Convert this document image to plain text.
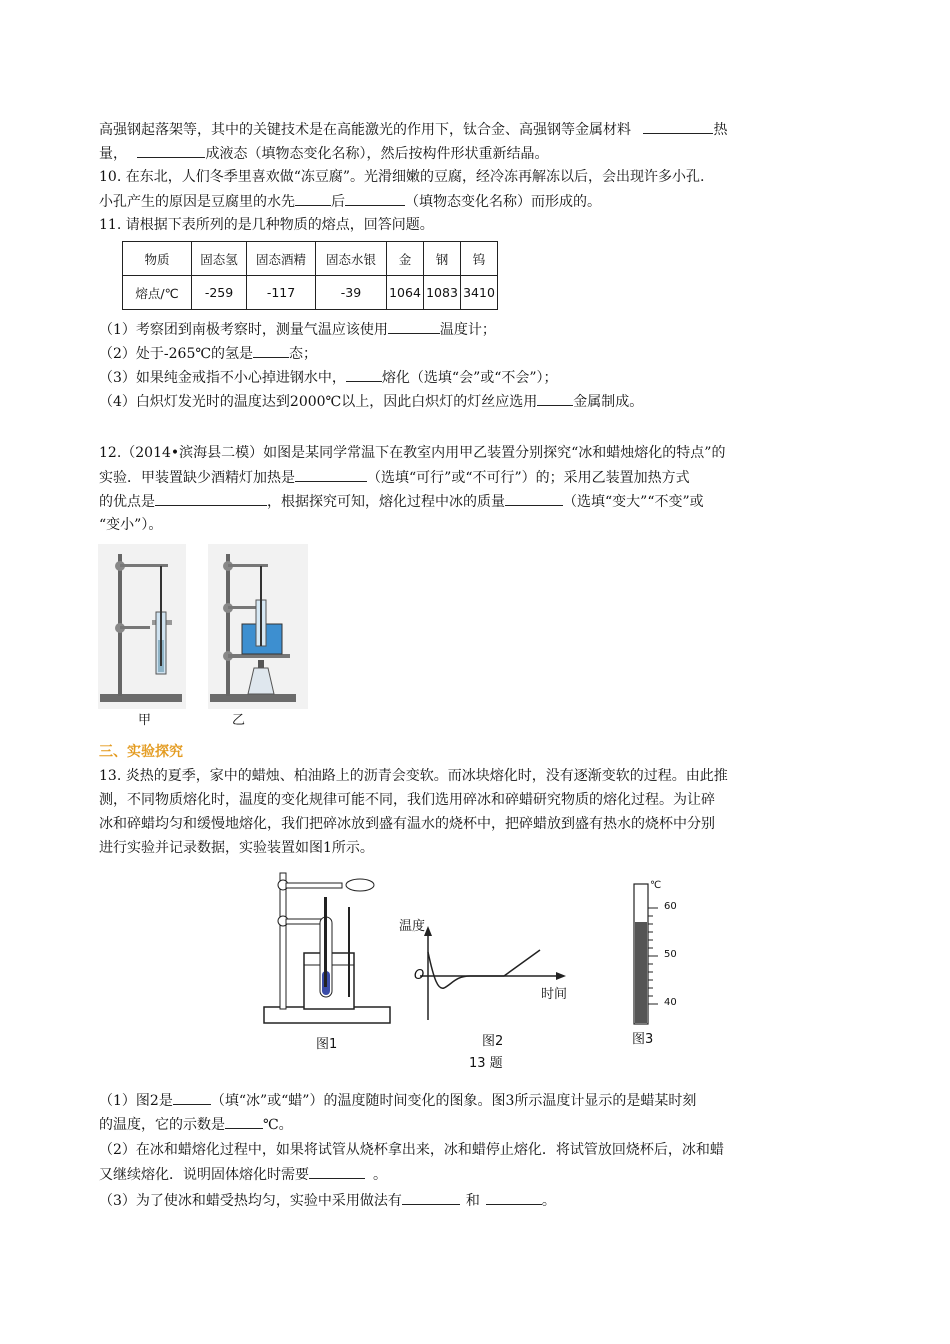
高强钢起落架等，其中的关键技术是在高能激光的作用下，钛合金、高强钢等金属材料	热
量，	成液态（填物态变化名称），然后按构件形状重新结晶。
10. 在东北，人们冬季里喜欢做“冻豆腐”。光滑细嫩的豆腐，经冷冻再解冻以后，会出现许多小孔.
小孔产生的原因是豆腐里的水先	后	（填物态变化名称）而形成的。
11. 请根据下表所列的是几种物质的熔点，回答问题。
物质	固态氢	固态酒精	固态水银	金	钢	钨
熔点/℃	-259	-117	-39	1064	1083	3410
（1）考察团到南极考察时，测量气温应该使用	温度计；
（2）处于-265℃的氢是	态；
（3）如果纯金戒指不小心掉进钢水中，	熔化（选填“会”或“不会”）；
（4）白炽灯发光时的温度达到2000℃以上，因此白炽灯的灯丝应选用	金属制成。
12.（2014•滨海县二模）如图是某同学常温下在教室内用甲乙装置分别探究“冰和蜡烛熔化的特点”的
实验．甲装置缺少酒精灯加热是	（选填“可行”或“不可行”）的；采用乙装置加热方式
的优点是	，根据探究可知，熔化过程中冰的质量	（选填“变大”“不变”或
“变小”）。
甲	乙
三、实验探究
13. 炎热的夏季，家中的蜡烛、柏油路上的沥青会变软。而冰块熔化时，没有逐渐变软的过程。由此推
测，不同物质熔化时，温度的变化规律可能不同，我们选用碎冰和碎蜡研究物质的熔化过程。为让碎
冰和碎蜡均匀和缓慢地熔化，我们把碎冰放到盛有温水的烧杯中，把碎蜡放到盛有热水的烧杯中分别
进行实验并记录数据，实验装置如图1所示。
图1
温度
O
时间
图2
13 题
℃
60
50
40
图3
（1）图2是	（填“冰”或“蜡”）的温度随时间变化的图象。图3所示温度计显示的是蜡某时刻
的温度，它的示数是	℃。
（2）在冰和蜡熔化过程中，如果将试管从烧杯拿出来，冰和蜡停止熔化．将试管放回烧杯后，冰和蜡
又继续熔化．说明固体熔化时需要	。
（3）为了使冰和蜡受热均匀，实验中采用做法有	和	。
